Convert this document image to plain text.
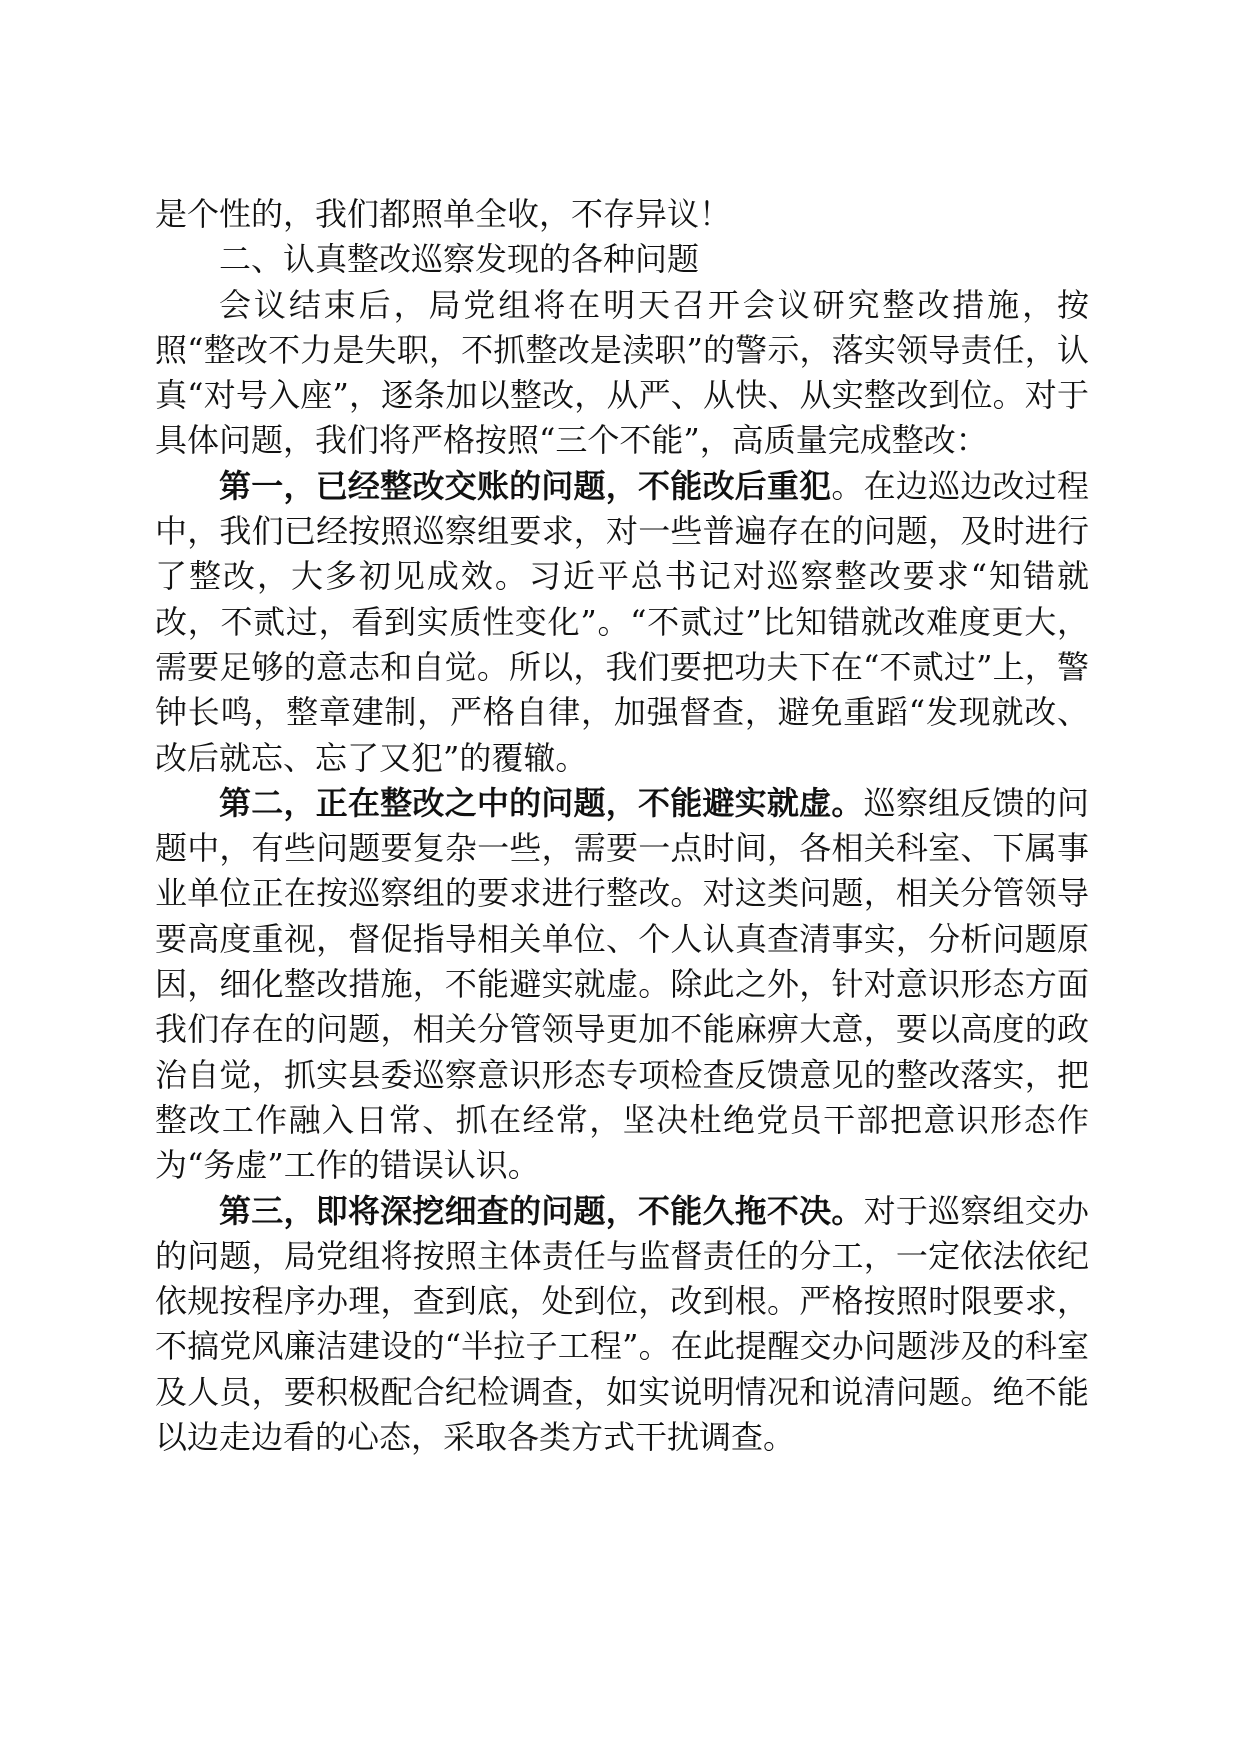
是个性的，我们都照单全收，不存异议！

二、认真整改巡察发现的各种问题

会议结束后，局党组将在明天召开会议研究整改措施，按照“整改不力是失职，不抓整改是渎职”的警示，落实领导责任，认真“对号入座”，逐条加以整改，从严、从快、从实整改到位。对于具体问题，我们将严格按照“三个不能”，高质量完成整改：

第一，已经整改交账的问题，不能改后重犯。在边巡边改过程中，我们已经按照巡察组要求，对一些普遍存在的问题，及时进行了整改，大多初见成效。习近平总书记对巡察整改要求“知错就改，不贰过，看到实质性变化”。“不贰过”比知错就改难度更大，需要足够的意志和自觉。所以，我们要把功夫下在“不贰过”上，警钟长鸣，整章建制，严格自律，加强督查，避免重蹈“发现就改、改后就忘、忘了又犯”的覆辙。

第二，正在整改之中的问题，不能避实就虚。巡察组反馈的问题中，有些问题要复杂一些，需要一点时间，各相关科室、下属事业单位正在按巡察组的要求进行整改。对这类问题，相关分管领导要高度重视，督促指导相关单位、个人认真查清事实，分析问题原因，细化整改措施，不能避实就虚。除此之外，针对意识形态方面我们存在的问题，相关分管领导更加不能麻痹大意，要以高度的政治自觉，抓实县委巡察意识形态专项检查反馈意见的整改落实，把整改工作融入日常、抓在经常，坚决杜绝党员干部把意识形态作为“务虚”工作的错误认识。

第三，即将深挖细查的问题，不能久拖不决。对于巡察组交办的问题，局党组将按照主体责任与监督责任的分工，一定依法依纪依规按程序办理，查到底，处到位，改到根。严格按照时限要求，不搞党风廉洁建设的“半拉子工程”。在此提醒交办问题涉及的科室及人员，要积极配合纪检调查，如实说明情况和说清问题。绝不能以边走边看的心态，采取各类方式干扰调查。
